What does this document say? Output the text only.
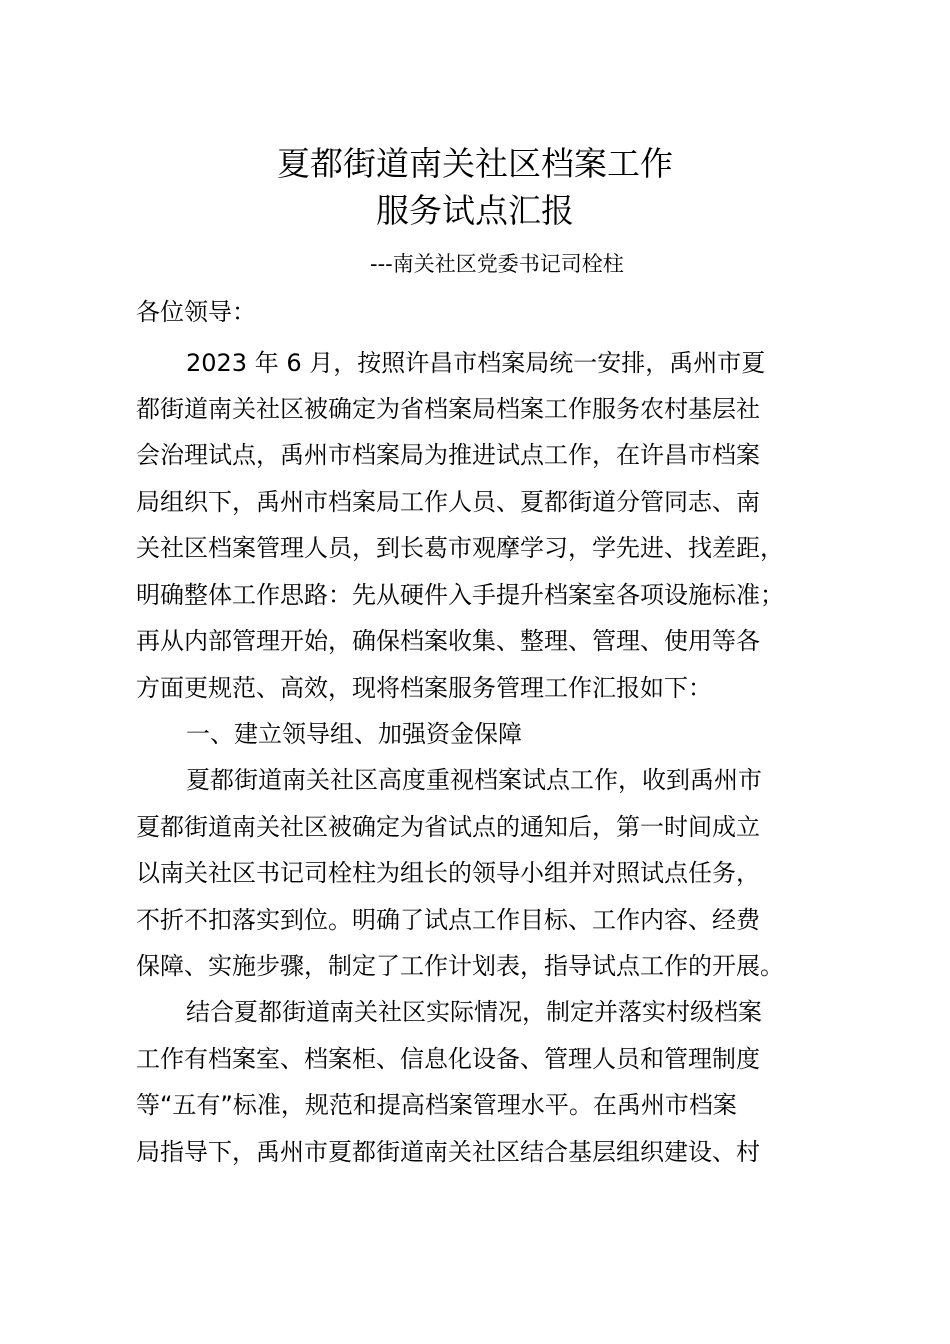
夏都街道南关社区档案工作
服务试点汇报
---南关社区党委书记司栓柱
各位领导：
2023 年 6 月，按照许昌市档案局统一安排，禹州市夏
都街道南关社区被确定为省档案局档案工作服务农村基层社
会治理试点，禹州市档案局为推进试点工作，在许昌市档案
局组织下，禹州市档案局工作人员、夏都街道分管同志、南
关社区档案管理人员，到长葛市观摩学习，学先进、找差距，
明确整体工作思路：先从硬件入手提升档案室各项设施标准；
再从内部管理开始，确保档案收集、整理、管理、使用等各
方面更规范、高效，现将档案服务管理工作汇报如下：
一、建立领导组、加强资金保障
夏都街道南关社区高度重视档案试点工作，收到禹州市
夏都街道南关社区被确定为省试点的通知后，第一时间成立
以南关社区书记司栓柱为组长的领导小组并对照试点任务，
不折不扣落实到位。明确了试点工作目标、工作内容、经费
保障、实施步骤，制定了工作计划表，指导试点工作的开展。
结合夏都街道南关社区实际情况，制定并落实村级档案
工作有档案室、档案柜、信息化设备、管理人员和管理制度
等“五有”标准，规范和提高档案管理水平。在禹州市档案
局指导下，禹州市夏都街道南关社区结合基层组织建设、村
